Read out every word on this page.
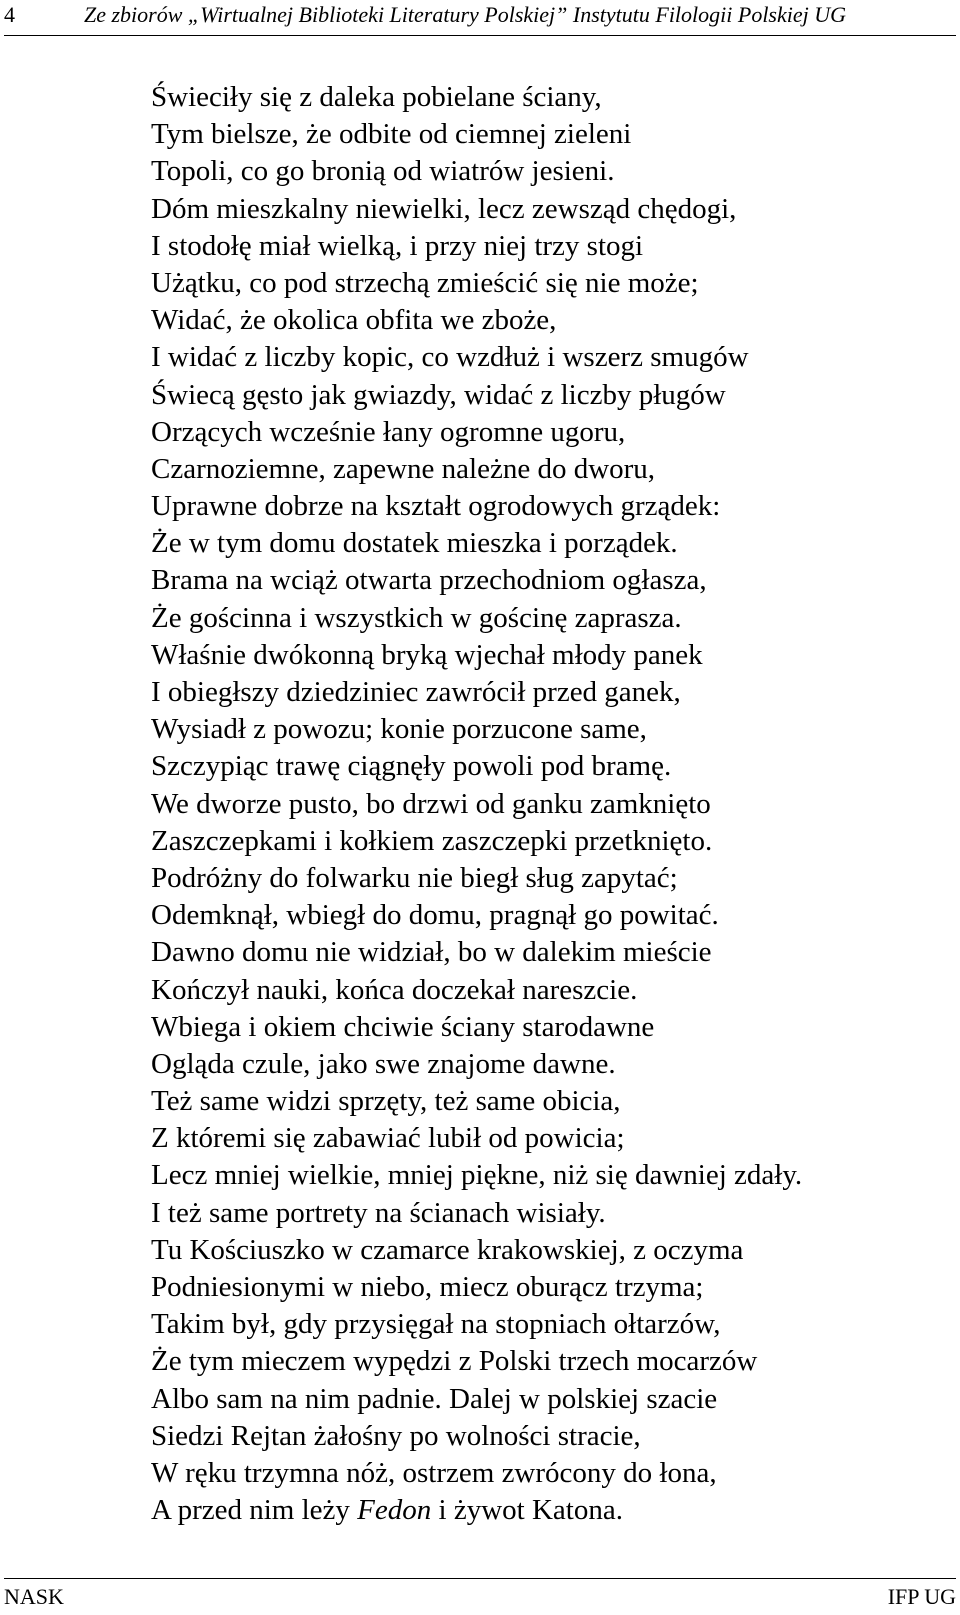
4	Ze zbiorów „Wirtualnej Biblioteki Literatury Polskiej” Instytutu Filologii Polskiej UG
Świeciły się z daleka pobielane ściany,
Tym bielsze, że odbite od ciemnej zieleni
Topoli, co go bronią od wiatrów jesieni.
Dóm mieszkalny niewielki, lecz zewsząd chędogi,
I stodołę miał wielką, i przy niej trzy stogi
Użątku, co pod strzechą zmieścić się nie może;
Widać, że okolica obfita we zboże,
I widać z liczby kopic, co wzdłuż i wszerz smugów
Świecą gęsto jak gwiazdy, widać z liczby pługów
Orzących wcześnie łany ogromne ugoru,
Czarnoziemne, zapewne należne do dworu,
Uprawne dobrze na kształt ogrodowych grządek:
Że w tym domu dostatek mieszka i porządek.
Brama na wciąż otwarta przechodniom ogłasza,
Że gościnna i wszystkich w gościnę zaprasza.
Właśnie dwókonną bryką wjechał młody panek
I obiegłszy dziedziniec zawrócił przed ganek,
Wysiadł z powozu; konie porzucone same,
Szczypiąc trawę ciągnęły powoli pod bramę.
We dworze pusto, bo drzwi od ganku zamknięto
Zaszczepkami i kołkiem zaszczepki przetknięto.
Podróżny do folwarku nie biegł sług zapytać;
Odemknął, wbiegł do domu, pragnął go powitać.
Dawno domu nie widział, bo w dalekim mieście
Kończył nauki, końca doczekał nareszcie.
Wbiega i okiem chciwie ściany starodawne
Ogląda czule, jako swe znajome dawne.
Też same widzi sprzęty, też same obicia,
Z któremi się zabawiać lubił od powicia;
Lecz mniej wielkie, mniej piękne, niż się dawniej zdały.
I też same portrety na ścianach wisiały.
Tu Kościuszko w czamarce krakowskiej, z oczyma
Podniesionymi w niebo, miecz oburącz trzyma;
Takim był, gdy przysięgał na stopniach ołtarzów,
Że tym mieczem wypędzi z Polski trzech mocarzów
Albo sam na nim padnie. Dalej w polskiej szacie
Siedzi Rejtan żałośny po wolności stracie,
W ręku trzymna nóż, ostrzem zwrócony do łona,
A przed nim leży Fedon i żywot Katona.
NASK	IFP UG
